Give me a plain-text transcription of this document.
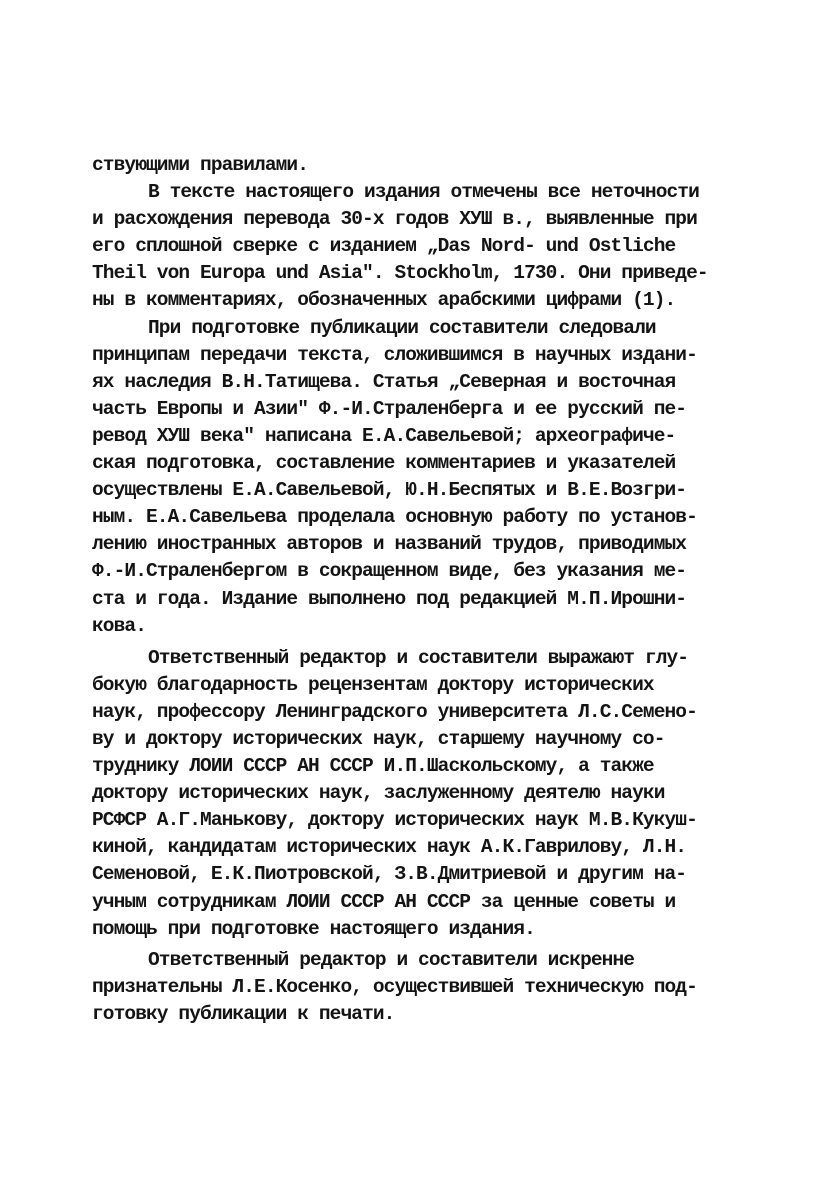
ствующими правилами.
В тексте настоящего издания отмечены все неточности
и расхождения перевода 30-х годов ХУШ в., выявленные при
его сплошной сверке с изданием „Das Nord- und Ostliche
Theil von Europa und Asia". Stockholm, 1730. Они приведе-
ны в комментариях, обозначенных арабскими цифрами (1).
При подготовке публикации составители следовали
принципам передачи текста, сложившимся в научных издани-
ях наследия В.Н.Татищева. Статья „Северная и восточная
часть Европы и Азии" Ф.-И.Страленберга и ее русский пе-
ревод ХУШ века" написана Е.А.Савельевой; археографиче-
ская подготовка, составление комментариев и указателей
осуществлены Е.А.Савельевой, Ю.Н.Беспятых и В.Е.Возгри-
ным. Е.А.Савельева проделала основную работу по установ-
лению иностранных авторов и названий трудов, приводимых
Ф.-И.Страленбергом в сокращенном виде, без указания ме-
ста и года. Издание выполнено под редакцией М.П.Ирошни-
кова.
Ответственный редактор и составители выражают глу-
бокую благодарность рецензентам доктору исторических
наук, профессору Ленинградского университета Л.С.Семено-
ву и доктору исторических наук, старшему научному со-
труднику ЛОИИ СССР АН СССР И.П.Шаскольскому, а также
доктору исторических наук, заслуженному деятелю науки
РСФСР А.Г.Манькову, доктору исторических наук М.В.Кукуш-
киной, кандидатам исторических наук А.К.Гаврилову, Л.Н.
Семеновой, Е.К.Пиотровской, З.В.Дмитриевой и другим на-
учным сотрудникам ЛОИИ СССР АН СССР за ценные советы и
помощь при подготовке настоящего издания.
Ответственный редактор и составители искренне
признательны Л.Е.Косенко, осуществившей техническую под-
готовку публикации к печати.
